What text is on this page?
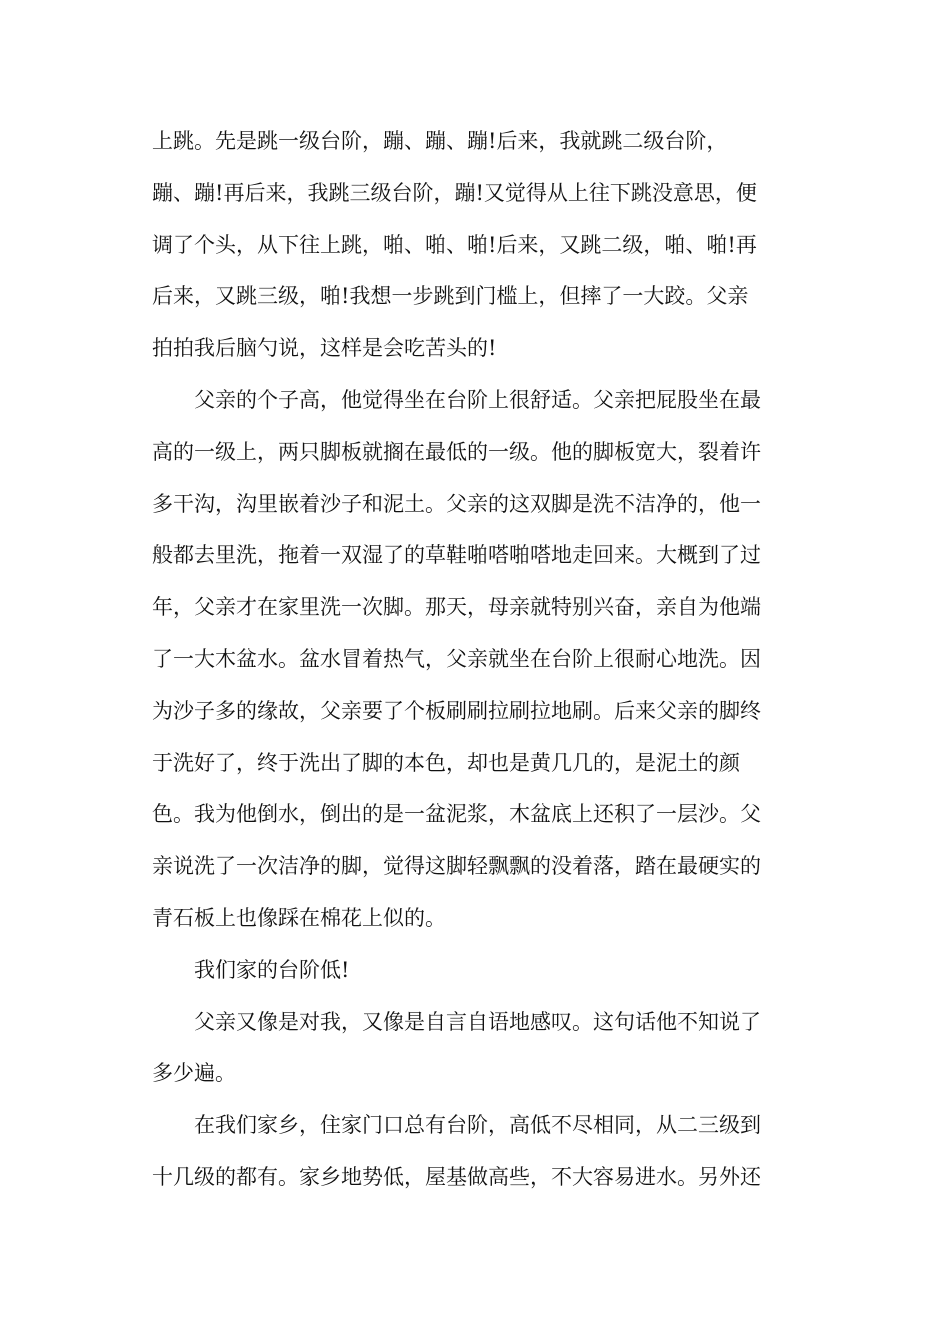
上跳。先是跳一级台阶，蹦、蹦、蹦!后来，我就跳二级台阶，
蹦、蹦!再后来，我跳三级台阶，蹦!又觉得从上往下跳没意思，便
调了个头，从下往上跳，啪、啪、啪!后来，又跳二级，啪、啪!再
后来，又跳三级，啪!我想一步跳到门槛上，但摔了一大跤。父亲
拍拍我后脑勺说，这样是会吃苦头的!
父亲的个子高，他觉得坐在台阶上很舒适。父亲把屁股坐在最
高的一级上，两只脚板就搁在最低的一级。他的脚板宽大，裂着许
多干沟，沟里嵌着沙子和泥土。父亲的这双脚是洗不洁净的，他一
般都去里洗，拖着一双湿了的草鞋啪嗒啪嗒地走回来。大概到了过
年，父亲才在家里洗一次脚。那天，母亲就特别兴奋，亲自为他端
了一大木盆水。盆水冒着热气，父亲就坐在台阶上很耐心地洗。因
为沙子多的缘故，父亲要了个板刷刷拉刷拉地刷。后来父亲的脚终
于洗好了，终于洗出了脚的本色，却也是黄几几的，是泥土的颜
色。我为他倒水，倒出的是一盆泥浆，木盆底上还积了一层沙。父
亲说洗了一次洁净的脚，觉得这脚轻飘飘的没着落，踏在最硬实的
青石板上也像踩在棉花上似的。
我们家的台阶低!
父亲又像是对我，又像是自言自语地感叹。这句话他不知说了
多少遍。
在我们家乡，住家门口总有台阶，高低不尽相同，从二三级到
十几级的都有。家乡地势低，屋基做高些，不大容易进水。另外还
